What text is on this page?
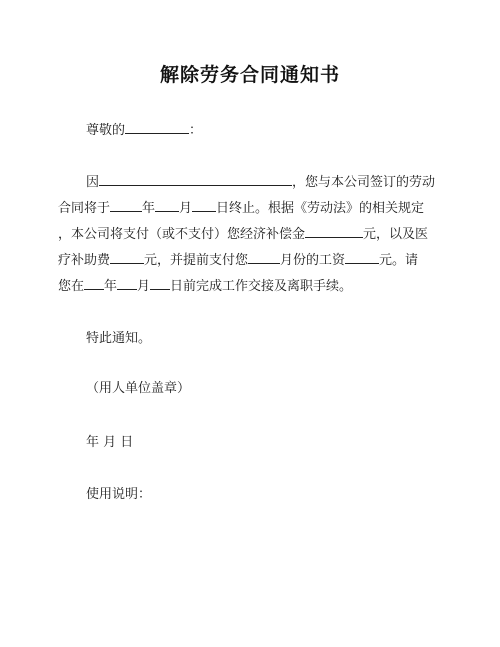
解除劳务合同通知书
尊敬的	：
因	，您与本公司签订的劳动
合同将于 年 月 日终止。根据《劳动法》的相关规定
，本公司将支付（或不支付）您经济补偿金	元，以及医
疗补助费	元，并提前支付您 月份的工资	元。请
您在 年 月 日前完成工作交接及离职手续。
特此通知。
（用人单位盖章）
年 月 日
使用说明：
